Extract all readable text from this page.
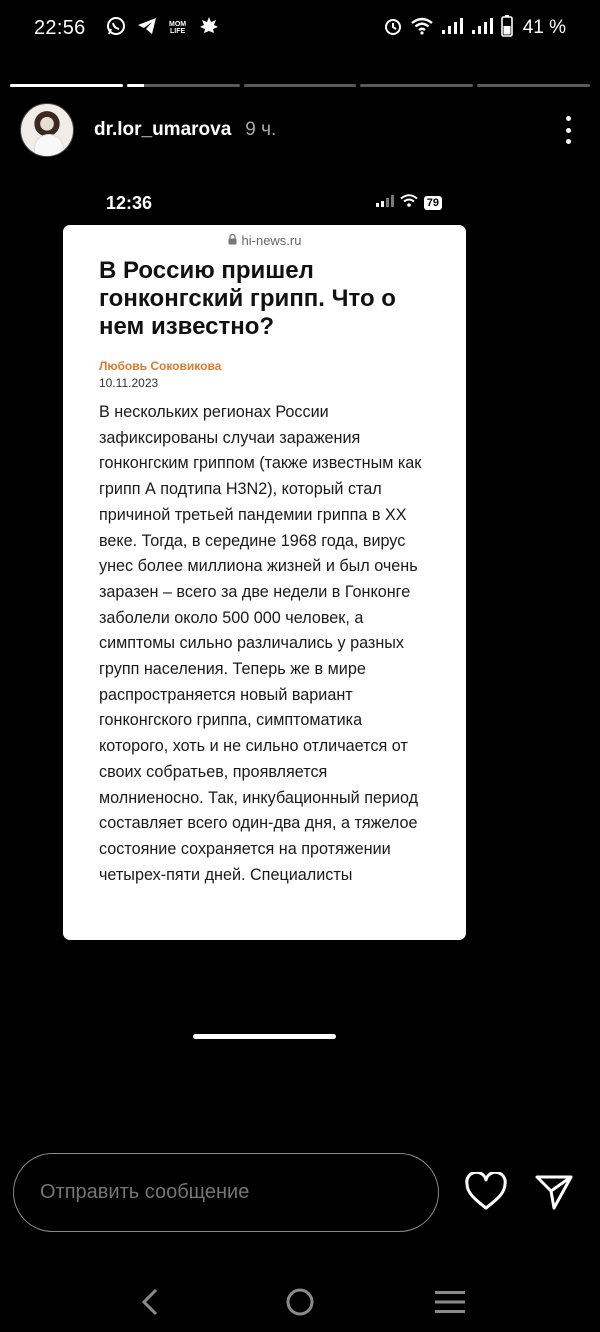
22:56	MOM LIFE	41 %
dr.lor_umarova 9 ч.
12:36	79
hi-news.ru
В Россию пришел гонконгский грипп. Что о нем известно?
Любовь Соковикова
10.11.2023
В нескольких регионах России зафиксированы случаи заражения гонконгским гриппом (также известным как грипп А подтипа H3N2), который стал причиной третьей пандемии гриппа в XX веке. Тогда, в середине 1968 года, вирус унес более миллиона жизней и был очень заразен – всего за две недели в Гонконге заболели около 500 000 человек, а симптомы сильно различались у разных групп населения. Теперь же в мире распространяется новый вариант гонконгского гриппа, симптоматика которого, хоть и не сильно отличается от своих собратьев, проявляется молниеносно. Так, инкубационный период составляет всего один-два дня, а тяжелое состояние сохраняется на протяжении четырех-пяти дней. Специалисты
Отправить сообщение
